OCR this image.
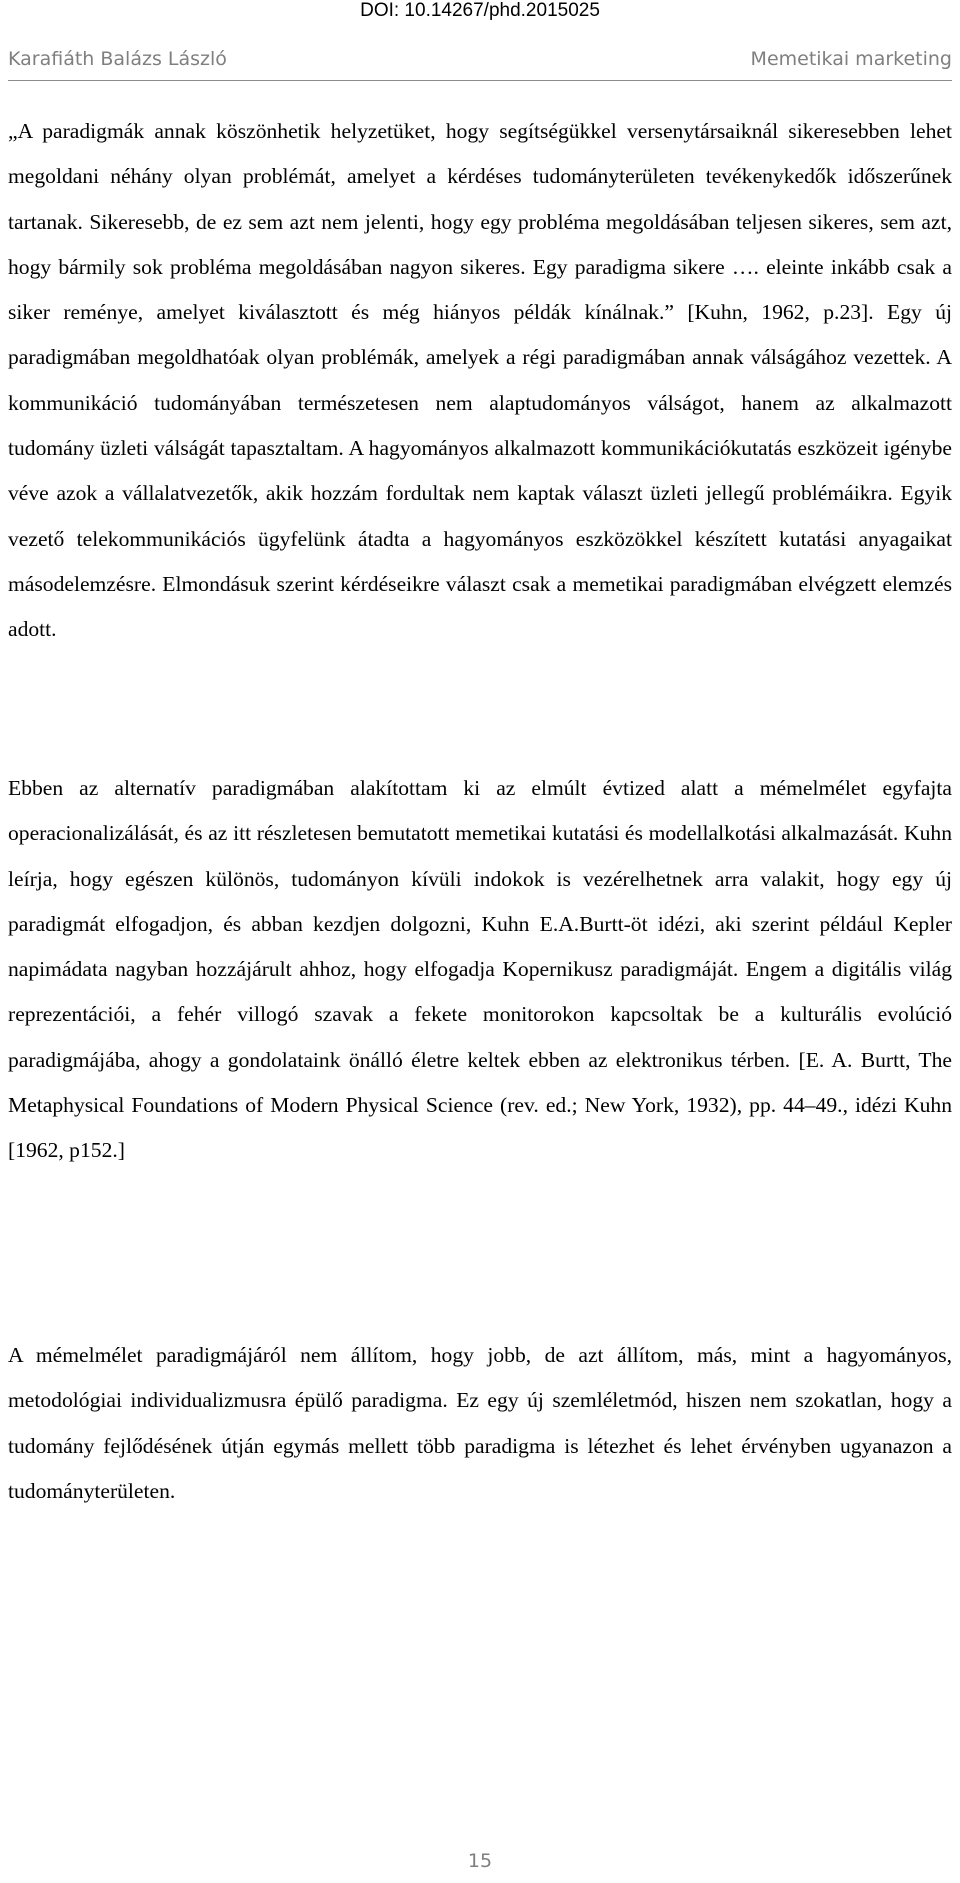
DOI: 10.14267/phd.2015025
Karafiáth Balázs László	Memetikai marketing

„A paradigmák annak köszönhetik helyzetüket, hogy segítségükkel versenytársaiknál sikeresebben lehet megoldani néhány olyan problémát, amelyet a kérdéses tudományterületen tevékenykedők időszerűnek tartanak. Sikeresebb, de ez sem azt nem jelenti, hogy egy probléma megoldásában teljesen sikeres, sem azt, hogy bármily sok probléma megoldásában nagyon sikeres. Egy paradigma sikere …. eleinte inkább csak a siker reménye, amelyet kiválasztott és még hiányos példák kínálnak.” [Kuhn, 1962, p.23]. Egy új paradigmában megoldhatóak olyan problémák, amelyek a régi paradigmában annak válságához vezettek. A kommunikáció tudományában természetesen nem alaptudományos válságot, hanem az alkalmazott tudomány üzleti válságát tapasztaltam. A hagyományos alkalmazott kommunikációkutatás eszközeit igénybe véve azok a vállalatvezetők, akik hozzám fordultak nem kaptak választ üzleti jellegű problémáikra. Egyik vezető telekommunikációs ügyfelünk átadta a hagyományos eszközökkel készített kutatási anyagaikat másodelemzésre. Elmondásuk szerint kérdéseikre választ csak a memetikai paradigmában elvégzett elemzés adott.

Ebben az alternatív paradigmában alakítottam ki az elmúlt évtized alatt a mémelmélet egyfajta operacionalizálását, és az itt részletesen bemutatott memetikai kutatási és modellalkotási alkalmazását. Kuhn leírja, hogy egészen különös, tudományon kívüli indokok is vezérelhetnek arra valakit, hogy egy új paradigmát elfogadjon, és abban kezdjen dolgozni, Kuhn E.A.Burtt-öt idézi, aki szerint például Kepler napimádata nagyban hozzájárult ahhoz, hogy elfogadja Kopernikusz paradigmáját. Engem a digitális világ reprezentációi, a fehér villogó szavak a fekete monitorokon kapcsoltak be a kulturális evolúció paradigmájába, ahogy a gondolataink önálló életre keltek ebben az elektronikus térben. [E. A. Burtt, The Metaphysical Foundations of Modern Physical Science (rev. ed.; New York, 1932), pp. 44–49., idézi Kuhn [1962, p152.]

A mémelmélet paradigmájáról nem állítom, hogy jobb, de azt állítom, más, mint a hagyományos, metodológiai individualizmusra épülő paradigma. Ez egy új szemléletmód, hiszen nem szokatlan, hogy a tudomány fejlődésének útján egymás mellett több paradigma is létezhet és lehet érvényben ugyanazon a tudományterületen.

15
